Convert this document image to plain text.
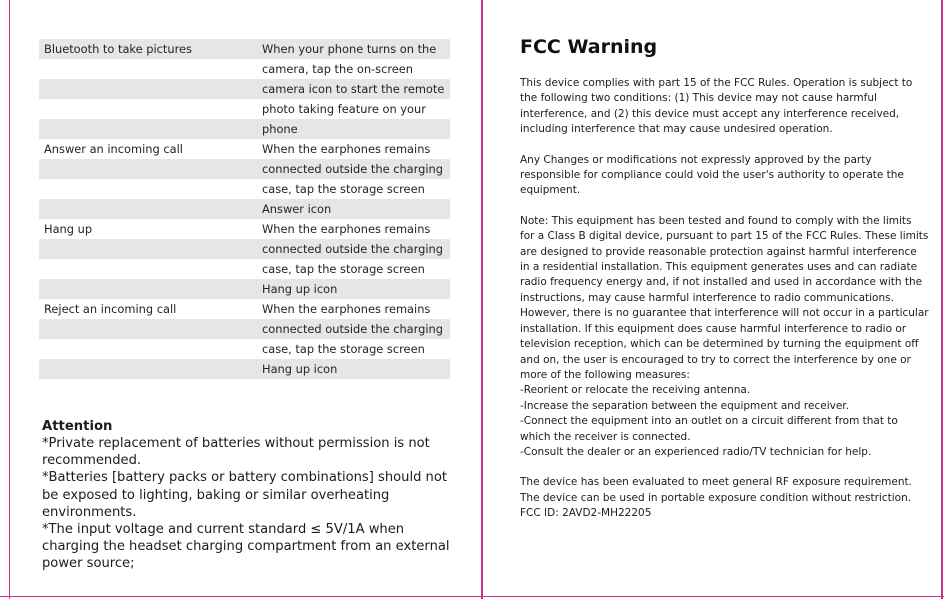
Bluetooth to take pictures	When your phone turns on the
	camera, tap the on-screen
	camera icon to start the remote
	photo taking feature on your
	phone
Answer an incoming call	When the earphones remains
	connected outside the charging
	case, tap the storage screen
	Answer icon
Hang up	When the earphones remains
	connected outside the charging
	case, tap the storage screen
	Hang up icon
Reject an incoming call	When the earphones remains
	connected outside the charging
	case, tap the storage screen
	Hang up icon

Attention

*Private replacement of batteries without permission is not
recommended.
*Batteries [battery packs or battery combinations] should not
be exposed to lighting, baking or similar overheating
environments.
*The input voltage and current standard ≤ 5V/1A when
charging the headset charging compartment from an external
power source;
FCC Warning

This device complies with part 15 of the FCC Rules. Operation is subject to
the following two conditions: (1) This device may not cause harmful
interference, and (2) this device must accept any interference received,
including interference that may cause undesired operation.

Any Changes or modifications not expressly approved by the party
responsible for compliance could void the user's authority to operate the
equipment.

Note: This equipment has been tested and found to comply with the limits
for a Class B digital device, pursuant to part 15 of the FCC Rules. These limits
are designed to provide reasonable protection against harmful interference
in a residential installation. This equipment generates uses and can radiate
radio frequency energy and, if not installed and used in accordance with the
instructions, may cause harmful interference to radio communications.
However, there is no guarantee that interference will not occur in a particular
installation. If this equipment does cause harmful interference to radio or
television reception, which can be determined by turning the equipment off
and on, the user is encouraged to try to correct the interference by one or
more of the following measures:
-Reorient or relocate the receiving antenna.
-Increase the separation between the equipment and receiver.
-Connect the equipment into an outlet on a circuit different from that to
which the receiver is connected.
-Consult the dealer or an experienced radio/TV technician for help.

The device has been evaluated to meet general RF exposure requirement.
The device can be used in portable exposure condition without restriction.
FCC ID: 2AVD2-MH22205
